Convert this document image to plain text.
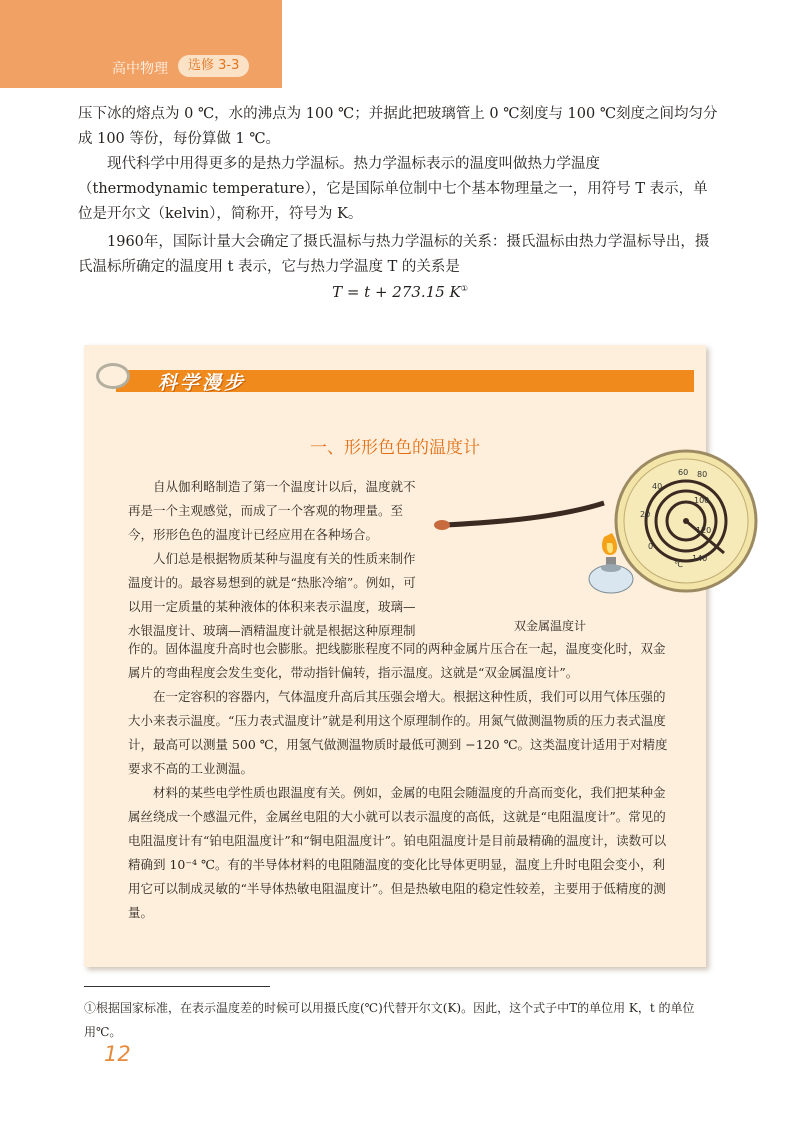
高中物理	选修 3-3

压下冰的熔点为 0 ℃，水的沸点为 100 ℃；并据此把玻璃管上 0 ℃刻度与 100 ℃刻度之间均匀分成 100 等份，每份算做 1 ℃。

现代科学中用得更多的是热力学温标。热力学温标表示的温度叫做热力学温度（thermodynamic temperature），它是国际单位制中七个基本物理量之一，用符号 T 表示，单位是开尔文（kelvin），简称开，符号为 K。

1960年，国际计量大会确定了摄氏温标与热力学温标的关系：摄氏温标由热力学温标导出，摄氏温标所确定的温度用 t 表示，它与热力学温度 T 的关系是

T = t + 273.15 K①
科学漫步
一、形形色色的温度计

自从伽利略制造了第一个温度计以后，温度就不再是一个主观感觉，而成了一个客观的物理量。至今，形形色色的温度计已经应用在各种场合。

人们总是根据物质某种与温度有关的性质来制作温度计的。最容易想到的就是“热胀冷缩”。例如，可以用一定质量的某种液体的体积来表示温度，玻璃—水银温度计、玻璃—酒精温度计就是根据这种原理制

0
20
40
60 80
100
120
140
℃
双金属温度计

作的。固体温度升高时也会膨胀。把线膨胀程度不同的两种金属片压合在一起，温度变化时，双金属片的弯曲程度会发生变化，带动指针偏转，指示温度。这就是“双金属温度计”。

在一定容积的容器内，气体温度升高后其压强会增大。根据这种性质，我们可以用气体压强的大小来表示温度。“压力表式温度计”就是利用这个原理制作的。用氮气做测温物质的压力表式温度计，最高可以测量 500 ℃，用氢气做测温物质时最低可测到 −120 ℃。这类温度计适用于对精度要求不高的工业测温。

材料的某些电学性质也跟温度有关。例如，金属的电阻会随温度的升高而变化，我们把某种金属丝绕成一个感温元件，金属丝电阻的大小就可以表示温度的高低，这就是“电阻温度计”。常见的电阻温度计有“铂电阻温度计”和“铜电阻温度计”。铂电阻温度计是目前最精确的温度计，读数可以精确到 10⁻⁴ ℃。有的半导体材料的电阻随温度的变化比导体更明显，温度上升时电阻会变小，利用它可以制成灵敏的“半导体热敏电阻温度计”。但是热敏电阻的稳定性较差，主要用于低精度的测量。

①根据国家标准，在表示温度差的时候可以用摄氏度(℃)代替开尔文(K)。因此，这个式子中T的单位用 K，t 的单位用℃。

12
